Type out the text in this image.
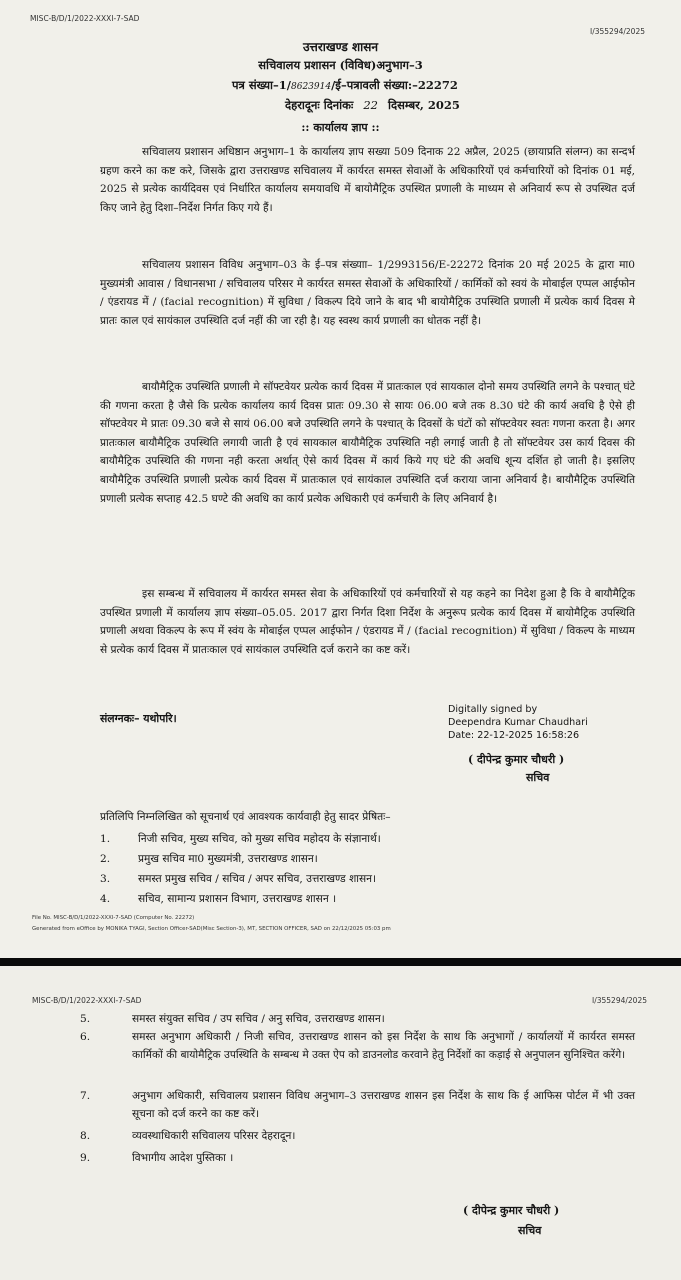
MISC-B/D/1/2022-XXXI-7-SAD
I/355294/2025
उत्तराखण्ड शासन
सचिवालय प्रशासन (विविध)अनुभाग–3
पत्र संख्या–1/8623914/ई–पत्रावली संख्या:–22272
देहरादूनः दिनांकः 22 दिसम्बर, 2025
:: कार्यालय ज्ञाप ::
सचिवालय प्रशासन अधिष्ठान अनुभाग–1 के कार्यालय ज्ञाप सख्या 509 दिनाक 22 अप्रैल, 2025 (छायाप्रति संलग्न) का सन्दर्भ ग्रहण करने का कष्ट करे, जिसके द्वारा उत्तराखण्ड सचिवालय में कार्यरत समस्त सेवाओं के अधिकारियों एवं कर्मचारियों को दिनांक 01 मई, 2025 से प्रत्येक कार्यदिवस एवं निर्धारित कार्यालय समयावधि में बायोमैट्रिक उपस्थित प्रणाली के माध्यम से अनिवार्य रूप से उपस्थित दर्ज किए जाने हेतु दिशा–निर्देश निर्गत किए गये हैं।
सचिवालय प्रशासन विविध अनुभाग–03 के ई–पत्र संख्याा– 1/2993156/E-22272 दिनांक 20 मई 2025 के द्वारा मा0 मुख्यमंत्री आवास / विधानसभा / सचिवालय परिसर मे कार्यरत समस्त सेवाओं के अधिकारियों / कार्मिकों को स्वयं के मोबाईल एप्पल आईफोन / एंडरायड में / (facial recognition) में सुविधा / विकल्प दिये जाने के बाद भी बायोमैट्रिक उपस्थिति प्रणाली में प्रत्येक कार्य दिवस मे प्रातः काल एवं सायंकाल उपस्थिति दर्ज नहीं की जा रही है। यह स्वस्थ कार्य प्रणाली का धोतक नहीं है।
बायौमैट्रिक उपस्थिति प्रणाली मे सॉफ्टवेयर प्रत्येक कार्य दिवस में प्रातःकाल एवं सायकाल दोनो समय उपस्थिति लगने के पश्चात् घंटे की गणना करता है जैसे कि प्रत्येक कार्यालय कार्य दिवस प्रातः 09.30 से सायः 06.00 बजे तक 8.30 घंटे की कार्य अवधि है ऐसे ही सॉफ्टवेयर मे प्रातः 09.30 बजे से सायं 06.00 बजे उपस्थिति लगने के पश्चात् के दिवसों के घंटों को सॉफ्टवेयर स्वतः गणना करता है। अगर प्रातःकाल बायौमैट्रिक उपस्थिति लगायी जाती है एवं सायकाल बायौमैट्रिक उपस्थिति नही लगाई जाती है तो सॉफ्टवेयर उस कार्य दिवस की बायौमैट्रिक उपस्थिति की गणना नही करता अर्थात् ऐसे कार्य दिवस में कार्य किये गए घंटे की अवधि शून्य दर्शित हो जाती है। इसलिए बायौमैट्रिक उपस्थिति प्रणाली प्रत्येक कार्य दिवस में प्रातःकाल एवं सायंकाल उपस्थिति दर्ज कराया जाना अनिवार्य है। बायौमैट्रिक उपस्थिति प्रणाली प्रत्येक सप्ताह 42.5 घण्टे की अवधि का कार्य प्रत्येक अधिकारी एवं कर्मचारी के लिए अनिवार्य है।
इस सम्बन्ध में सचिवालय में कार्यरत समस्त सेवा के अधिकारियों एवं कर्मचारियों से यह कहने का निदेश हुआ है कि वे बायौमैट्रिक उपस्थित प्रणाली में कार्यालय ज्ञाप संख्या–05.05. 2017 द्वारा निर्गत दिशा निर्देश के अनुरूप प्रत्येक कार्य दिवस में बायोमैट्रिक उपस्थिति प्रणाली अथवा विकल्प के रूप में स्वंय के मोबाईल एप्पल आईफोन / एंडरायड में / (facial recognition) में सुविधा / विकल्प के माध्यम से प्रत्येक कार्य दिवस में प्रातःकाल एवं सायंकाल उपस्थिति दर्ज कराने का कष्ट करें।
संलग्नकः– यथोपरि।
Digitally signed by
Deependra Kumar Chaudhari
Date: 22-12-2025 16:58:26
( दीपेन्द्र कुमार चौधरी )
सचिव
प्रतिलिपि निम्नलिखित को सूचनार्थ एवं आवश्यक कार्यवाही हेतु सादर प्रेषितः–
1.	निजी सचिव, मुख्य सचिव, को मुख्य सचिव महोदय के संज्ञानार्थ।
2.	प्रमुख सचिव मा0 मुख्यमंत्री, उत्तराखण्ड शासन।
3.	समस्त प्रमुख सचिव / सचिव / अपर सचिव, उत्तराखण्ड शासन।
4.	सचिव, सामान्य प्रशासन विभाग, उत्तराखण्ड शासन ।
File No. MISC-B/D/1/2022-XXXI-7-SAD (Computer No. 22272)
Generated from eOffice by MONIKA TYAGI, Section Officer-SAD(Misc Section-3), MT, SECTION OFFICER, SAD on 22/12/2025 05:03 pm
MISC-B/D/1/2022-XXXI-7-SAD	I/355294/2025
5.	समस्त संयुक्त सचिव / उप सचिव / अनु सचिव, उत्तराखण्ड शासन।
6.	समस्त अनुभाग अधिकारी / निजी सचिव, उत्तराखण्ड शासन को इस निर्देश के साथ कि अनुभागों / कार्यालयों में कार्यरत समस्त कार्मिकों की बायोमैट्रिक उपस्थिति के सम्बन्ध मे उक्त ऐप को डाउनलोड करवाने हेतु निर्देशों का कड़ाई से अनुपालन सुनिश्चित करेंगे।
7.	अनुभाग अधिकारी, सचिवालय प्रशासन विविध अनुभाग–3 उत्तराखण्ड शासन इस निर्देश के साथ कि ई आफिस पोर्टल में भी उक्त सूचना को दर्ज करने का कष्ट करें।
8.	व्यवस्थाधिकारी सचिवालय परिसर देहरादून।
9.	विभागीय आदेश पुस्तिका ।
( दीपेन्द्र कुमार चौधरी )
सचिव
